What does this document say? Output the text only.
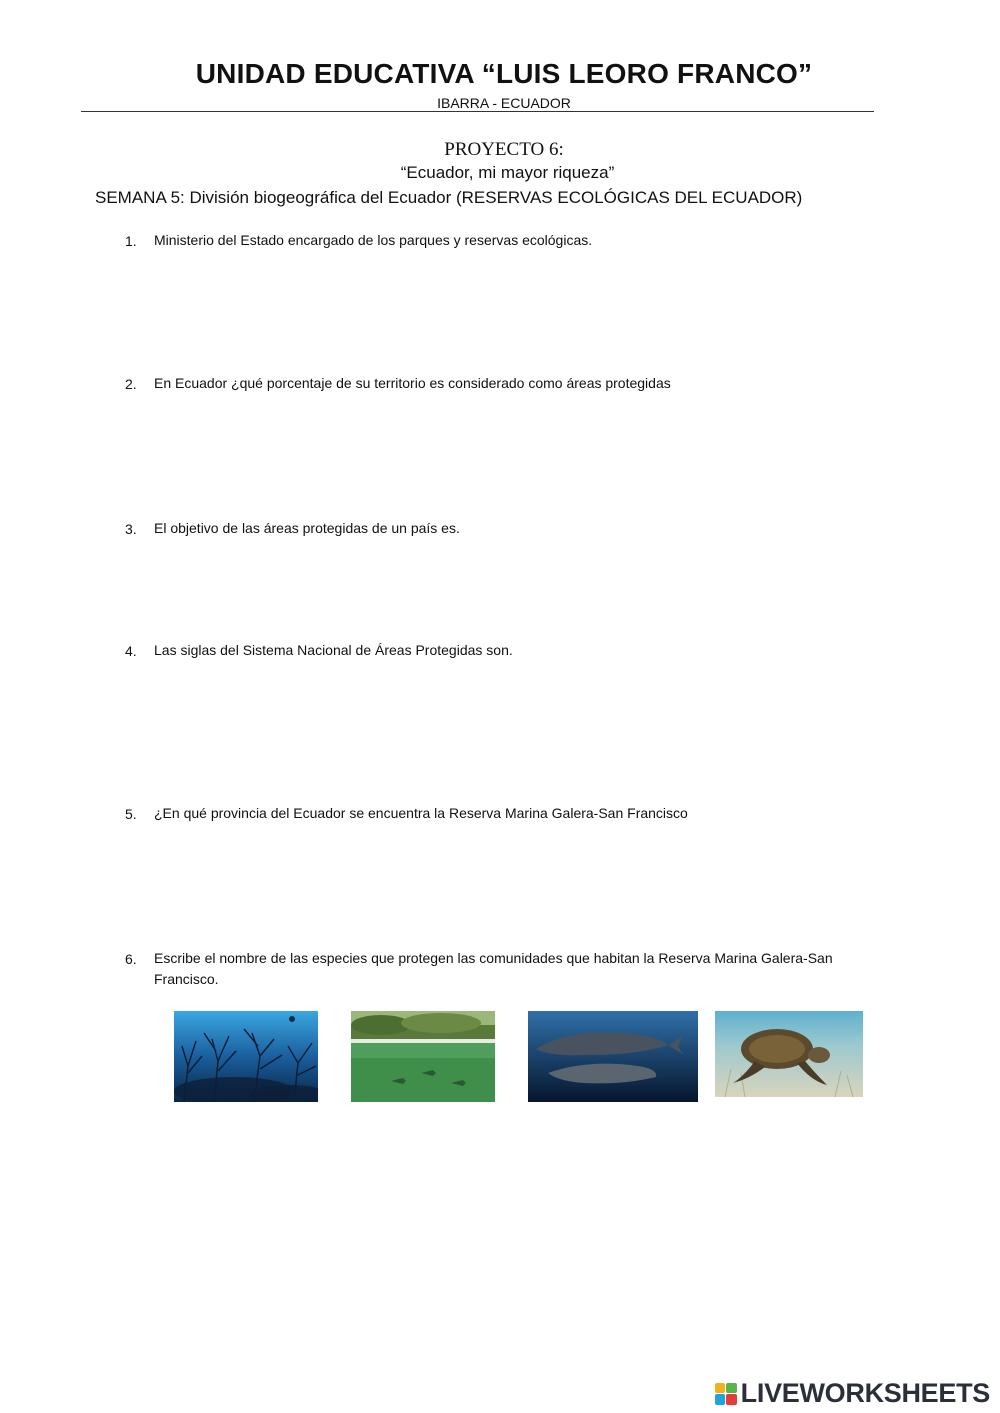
UNIDAD EDUCATIVA “LUIS LEORO FRANCO”
IBARRA - ECUADOR
PROYECTO 6:
“Ecuador, mi mayor riqueza”
SEMANA 5: División biogeográfica del Ecuador (RESERVAS ECOLÓGICAS DEL ECUADOR)
1. Ministerio del Estado encargado de los parques y reservas ecológicas.
2. En Ecuador ¿qué porcentaje de su territorio es considerado como áreas protegidas
3. El objetivo de las áreas protegidas de un país es.
4. Las siglas del Sistema Nacional de Áreas Protegidas son.
5. ¿En qué provincia del Ecuador se encuentra la Reserva Marina Galera-San Francisco
6. Escribe el nombre de las especies que protegen las comunidades que habitan la Reserva Marina Galera-San Francisco.
LIVEWORKSHEETS
